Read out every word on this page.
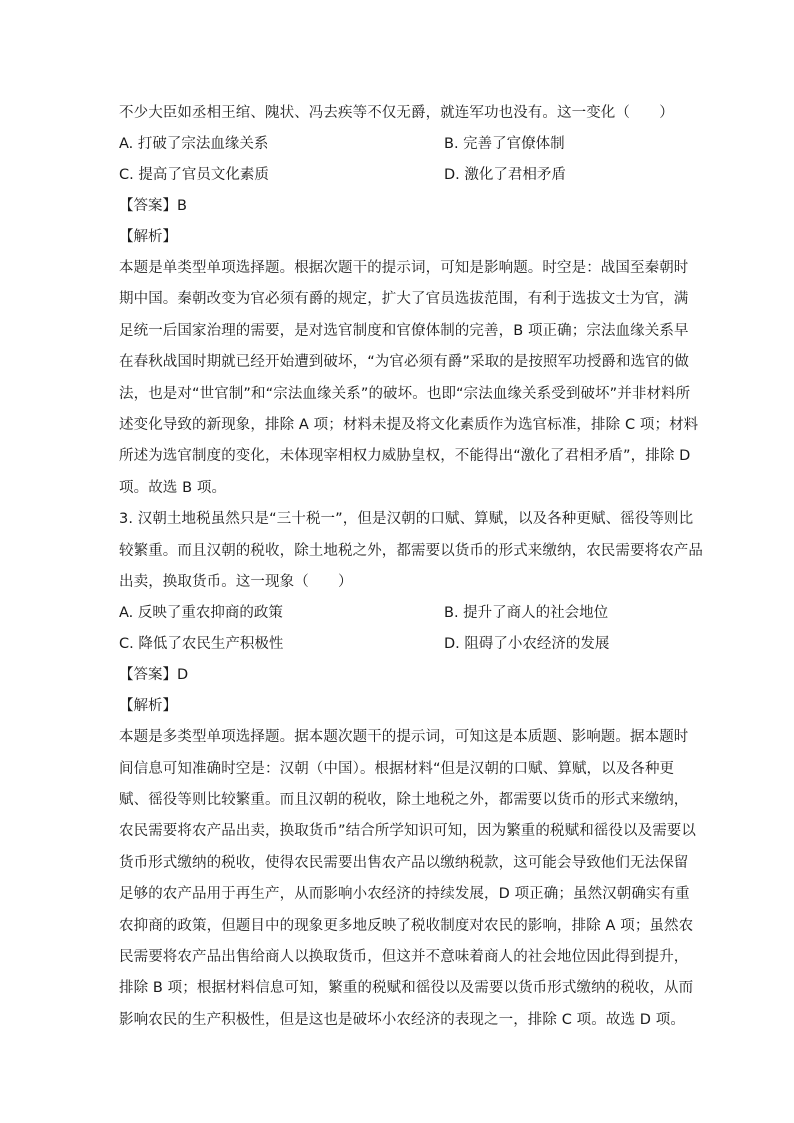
不少大臣如丞相王绾、隗状、冯去疾等不仅无爵，就连军功也没有。这一变化（　　）
A. 打破了宗法血缘关系	B. 完善了官僚体制
C. 提高了官员文化素质	D. 激化了君相矛盾
【答案】B
【解析】
本题是单类型单项选择题。根据次题干的提示词，可知是影响题。时空是：战国至秦朝时
期中国。秦朝改变为官必须有爵的规定，扩大了官员选拔范围，有利于选拔文士为官，满
足统一后国家治理的需要，是对选官制度和官僚体制的完善，B 项正确；宗法血缘关系早
在春秋战国时期就已经开始遭到破坏，“为官必须有爵”采取的是按照军功授爵和选官的做
法，也是对“世官制”和“宗法血缘关系”的破坏。也即“宗法血缘关系受到破坏”并非材料所
述变化导致的新现象，排除 A 项；材料未提及将文化素质作为选官标准，排除 C 项；材料
所述为选官制度的变化，未体现宰相权力威胁皇权，不能得出“激化了君相矛盾”，排除 D
项。故选 B 项。
3. 汉朝土地税虽然只是“三十税一”，但是汉朝的口赋、算赋，以及各种更赋、徭役等则比
较繁重。而且汉朝的税收，除土地税之外，都需要以货币的形式来缴纳，农民需要将农产品
出卖，换取货币。这一现象（　　）
A. 反映了重农抑商的政策	B. 提升了商人的社会地位
C. 降低了农民生产积极性	D. 阻碍了小农经济的发展
【答案】D
【解析】
本题是多类型单项选择题。据本题次题干的提示词，可知这是本质题、影响题。据本题时
间信息可知准确时空是：汉朝（中国）。根据材料“但是汉朝的口赋、算赋，以及各种更
赋、徭役等则比较繁重。而且汉朝的税收，除土地税之外，都需要以货币的形式来缴纳，
农民需要将农产品出卖，换取货币”结合所学知识可知，因为繁重的税赋和徭役以及需要以
货币形式缴纳的税收，使得农民需要出售农产品以缴纳税款，这可能会导致他们无法保留
足够的农产品用于再生产，从而影响小农经济的持续发展，D 项正确；虽然汉朝确实有重
农抑商的政策，但题目中的现象更多地反映了税收制度对农民的影响，排除 A 项；虽然农
民需要将农产品出售给商人以换取货币，但这并不意味着商人的社会地位因此得到提升，
排除 B 项；根据材料信息可知，繁重的税赋和徭役以及需要以货币形式缴纳的税收，从而
影响农民的生产积极性，但是这也是破坏小农经济的表现之一，排除 C 项。故选 D 项。
